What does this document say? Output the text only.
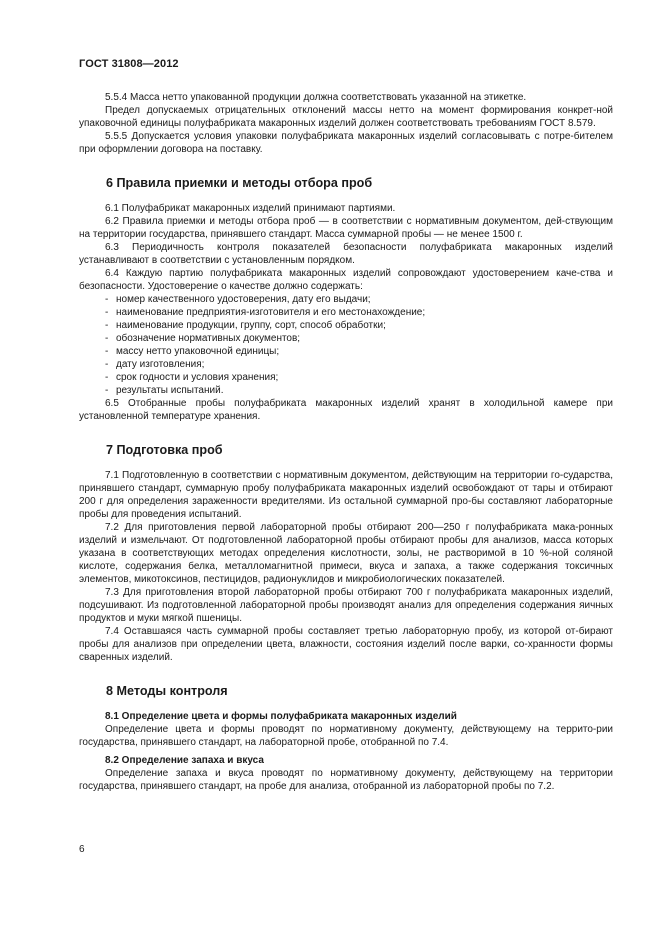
ГОСТ 31808—2012

5.5.4 Масса нетто упакованной продукции должна соответствовать указанной на этикетке.

Предел допускаемых отрицательных отклонений массы нетто на момент формирования конкрет-ной упаковочной единицы полуфабриката макаронных изделий должен соответствовать требованиям ГОСТ 8.579.

5.5.5 Допускается условия упаковки полуфабриката макаронных изделий согласовывать с потре-бителем при оформлении договора на поставку.

6 Правила приемки и методы отбора проб

6.1 Полуфабрикат макаронных изделий принимают партиями.

6.2 Правила приемки и методы отбора проб — в соответствии с нормативным документом, дей-ствующим на территории государства, принявшего стандарт. Масса суммарной пробы — не менее 1500 г.

6.3 Периодичность контроля показателей безопасности полуфабриката макаронных изделий устанавливают в соответствии с установленным порядком.

6.4 Каждую партию полуфабриката макаронных изделий сопровождают удостоверением каче-ства и безопасности. Удостоверение о качестве должно содержать:

- номер качественного удостоверения, дату его выдачи;
- наименование предприятия-изготовителя и его местонахождение;
- наименование продукции, группу, сорт, способ обработки;
- обозначение нормативных документов;
- массу нетто упаковочной единицы;
- дату изготовления;
- срок годности и условия хранения;
- результаты испытаний.

6.5 Отобранные пробы полуфабриката макаронных изделий хранят в холодильной камере при установленной температуре хранения.

7 Подготовка проб

7.1 Подготовленную в соответствии с нормативным документом, действующим на территории го-сударства, принявшего стандарт, суммарную пробу полуфабриката макаронных изделий освобождают от тары и отбирают 200 г для определения зараженности вредителями. Из остальной суммарной про-бы составляют лабораторные пробы для проведения испытаний.

7.2 Для приготовления первой лабораторной пробы отбирают 200—250 г полуфабриката мака-ронных изделий и измельчают. От подготовленной лабораторной пробы отбирают пробы для анализов, масса которых указана в соответствующих методах определения кислотности, золы, не растворимой в 10 %-ной соляной кислоте, содержания белка, металломагнитной примеси, вкуса и запаха, а также содержания токсичных элементов, микотоксинов, пестицидов, радионуклидов и микробиологических показателей.

7.3 Для приготовления второй лабораторной пробы отбирают 700 г полуфабриката макаронных изделий, подсушивают. Из подготовленной лабораторной пробы производят анализ для определения содержания яичных продуктов и муки мягкой пшеницы.

7.4 Оставшаяся часть суммарной пробы составляет третью лабораторную пробу, из которой от-бирают пробы для анализов при определении цвета, влажности, состояния изделий после варки, со-хранности формы сваренных изделий.

8 Методы контроля

8.1 Определение цвета и формы полуфабриката макаронных изделий

Определение цвета и формы проводят по нормативному документу, действующему на террито-рии государства, принявшего стандарт, на лабораторной пробе, отобранной по 7.4.

8.2 Определение запаха и вкуса

Определение запаха и вкуса проводят по нормативному документу, действующему на территории государства, принявшего стандарт, на пробе для анализа, отобранной из лабораторной пробы по 7.2.

6
